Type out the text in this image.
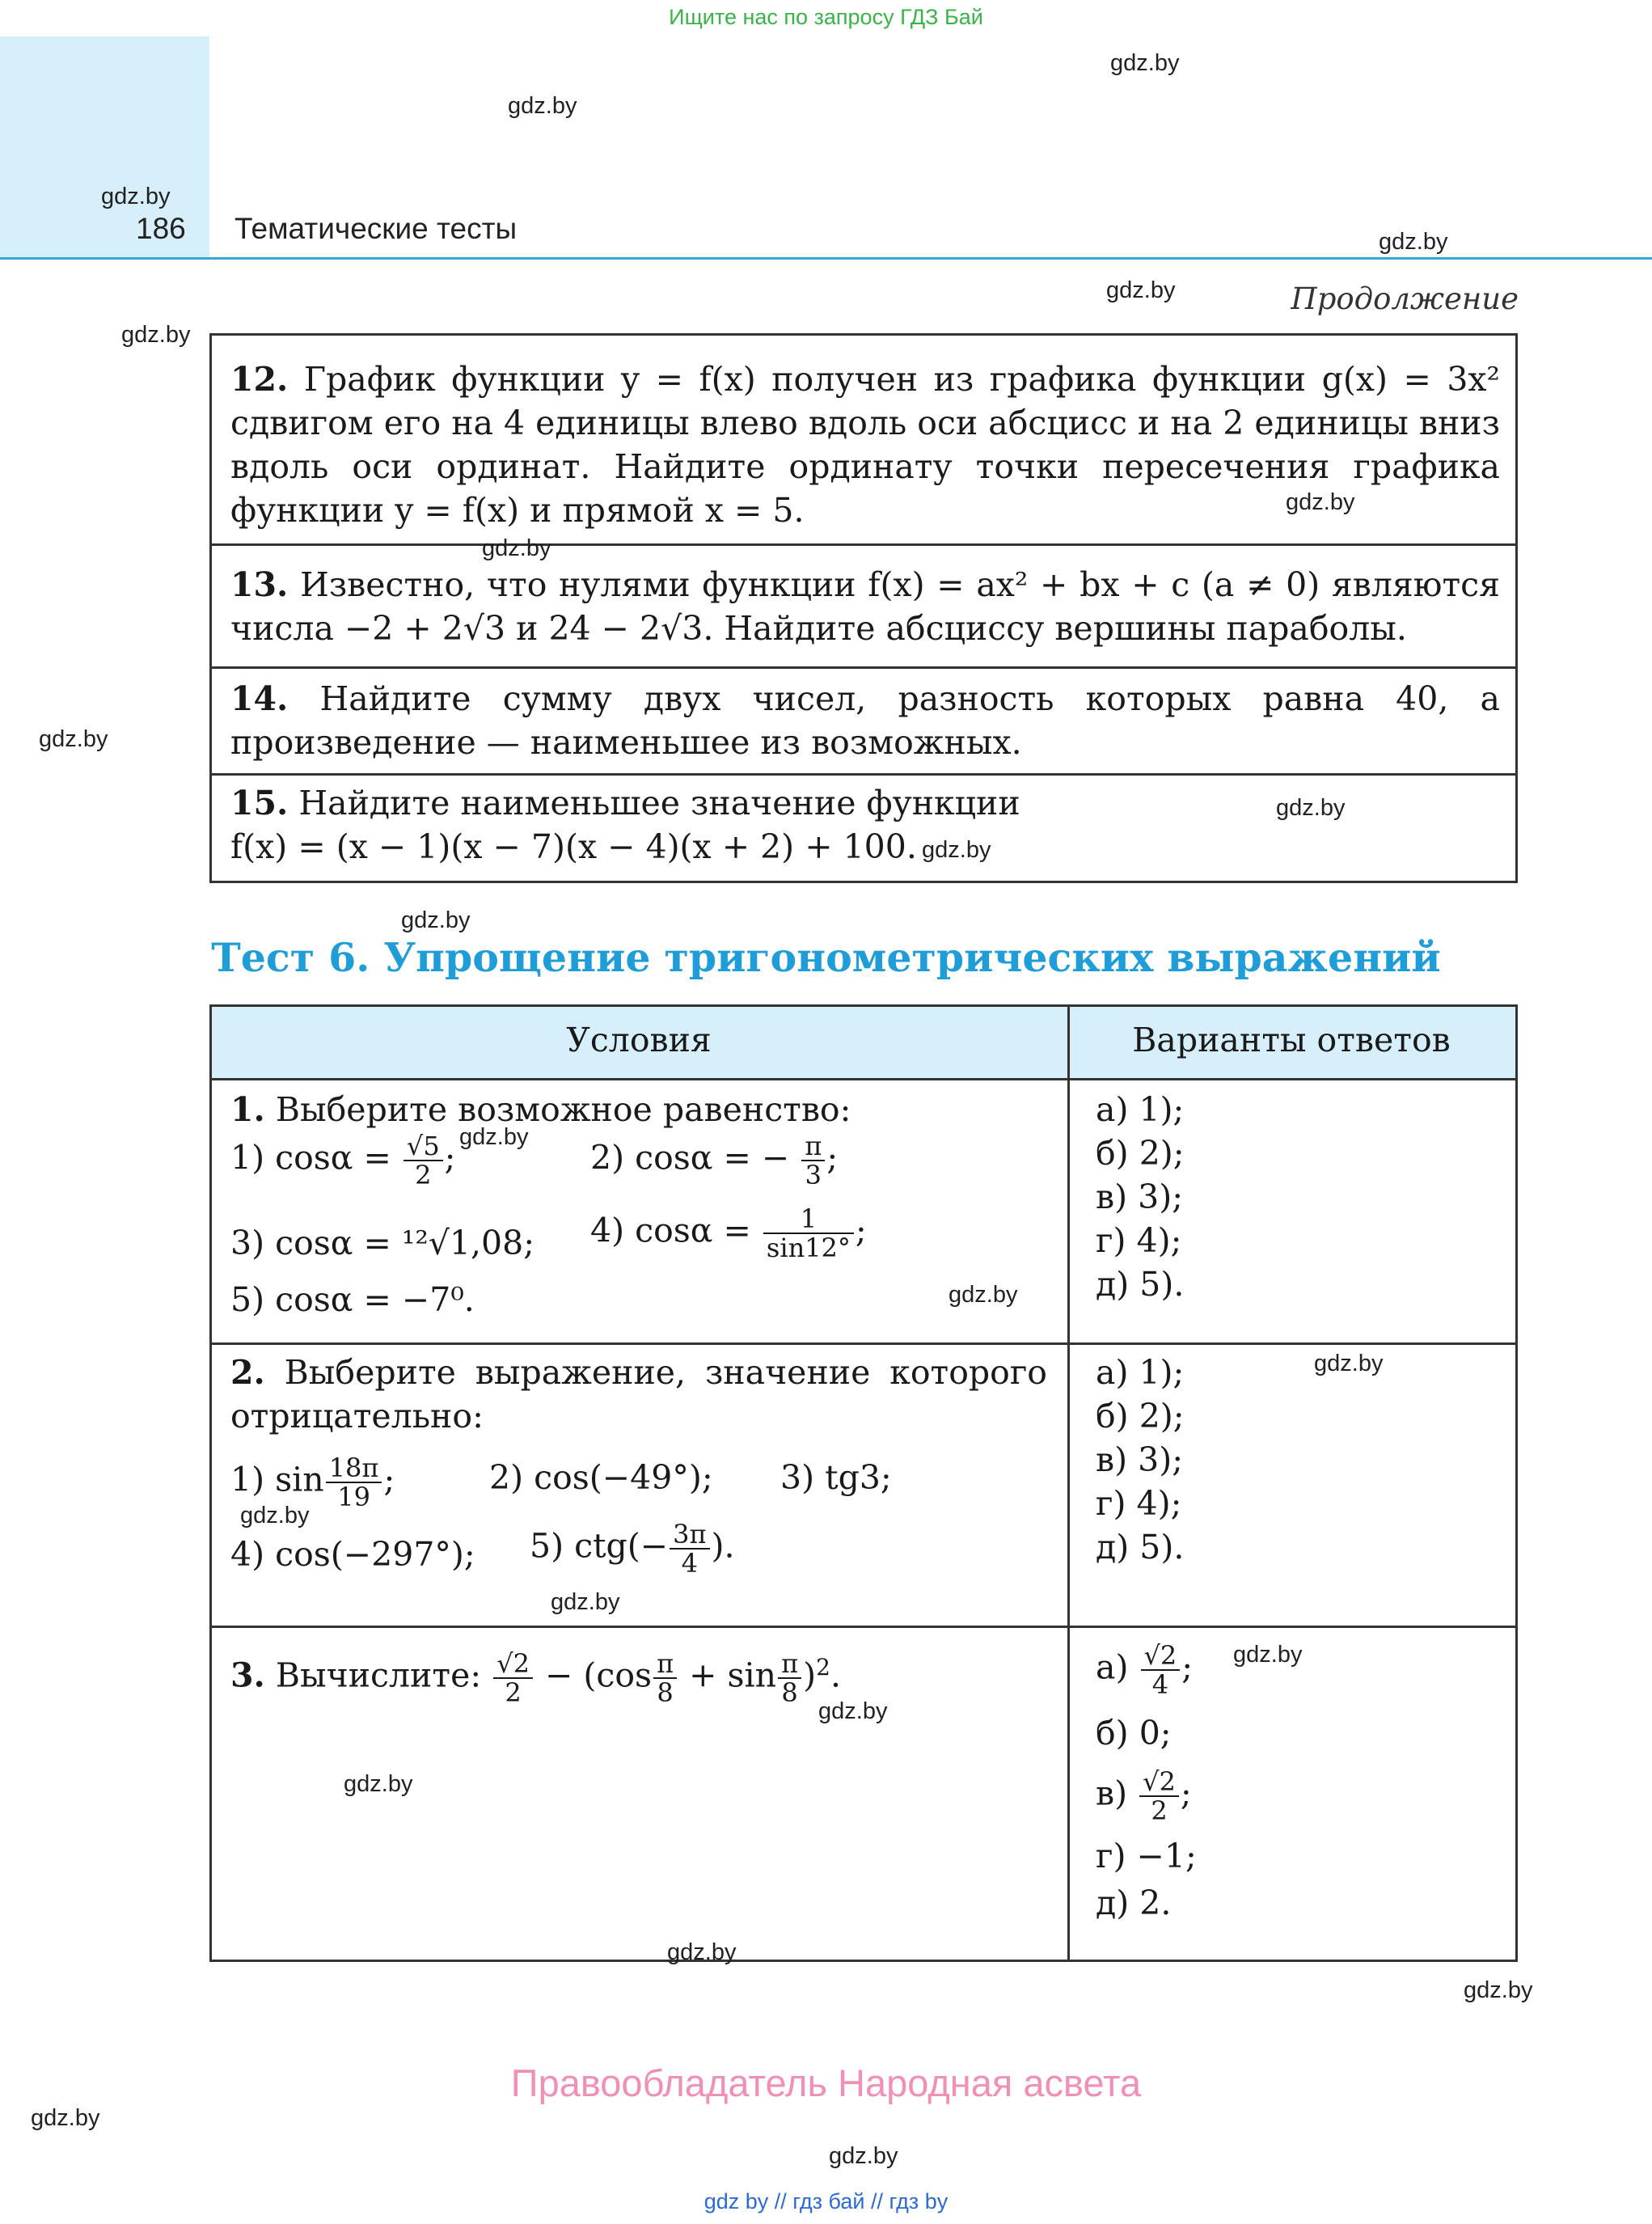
Ищите нас по запросу ГДЗ Бай
186 Тематические тесты
Продолжение
12. График функции y = f(x) получен из графика функции g(x) = 3x² сдвигом его на 4 единицы влево вдоль оси абсцисс и на 2 единицы вниз вдоль оси ординат. Найдите ординату точки пересечения графика функции y = f(x) и прямой x = 5.
13. Известно, что нулями функции f(x) = ax² + bx + c (a ≠ 0) являются числа −2 + 2√3 и 24 − 2√3. Найдите абсциссу вершины параболы.
14. Найдите сумму двух чисел, разность которых равна 40, а произведение — наименьшее из возможных.
15. Найдите наименьшее значение функции
f(x) = (x − 1)(x − 7)(x − 4)(x + 2) + 100.
Тест 6. Упрощение тригонометрических выражений
Условия	Варианты ответов
1. Выберите возможное равенство:
1) $\cos\alpha = \frac{√5}{2}$ ;	2) cosα = − $\frac{\pi}{3}$ ;
3) cosα = ¹²√1,08; 4) $\cos\alpha = \frac{1}{\sin 12^\circ}$ ;
5) cosα = −7⁰.
а) 1);
б) 2);
в) 3);
г) 4);
д) 5).
2. Выберите выражение, значение которого отрицательно:
1) $\sin \frac{18\pi}{19}$ ;	2) cos(−49°); 3) tg3;
4) cos(−297°); 5) $ctg(- \frac{3\pi}{4}$ ).
а) 1);
б) 2);
в) 3);
г) 4);
д) 5).
3. Вычислите: $\frac{√2}{2} - (\cos \frac{\pi}{8} + \sin \frac{\pi}{8} )^2$.	$а) \frac{√2}{4}$ ;
б) 0;
$в) \frac{√2}{2}$ ;
г) −1;
д) 2.
Правообладатель Народная асвета
gdz by // гдз бай // гдз by
gdz.by
gdz.by
gdz.by
gdz.by
gdz.by
gdz.by
gdz.by
gdz.by
gdz.by
gdz.by
gdz.by
gdz.by
gdz.by
gdz.by
gdz.by
gdz.by
gdz.by
gdz.by
gdz.by
gdz.by
gdz.by
gdz.by
gdz.by
gdz.by
